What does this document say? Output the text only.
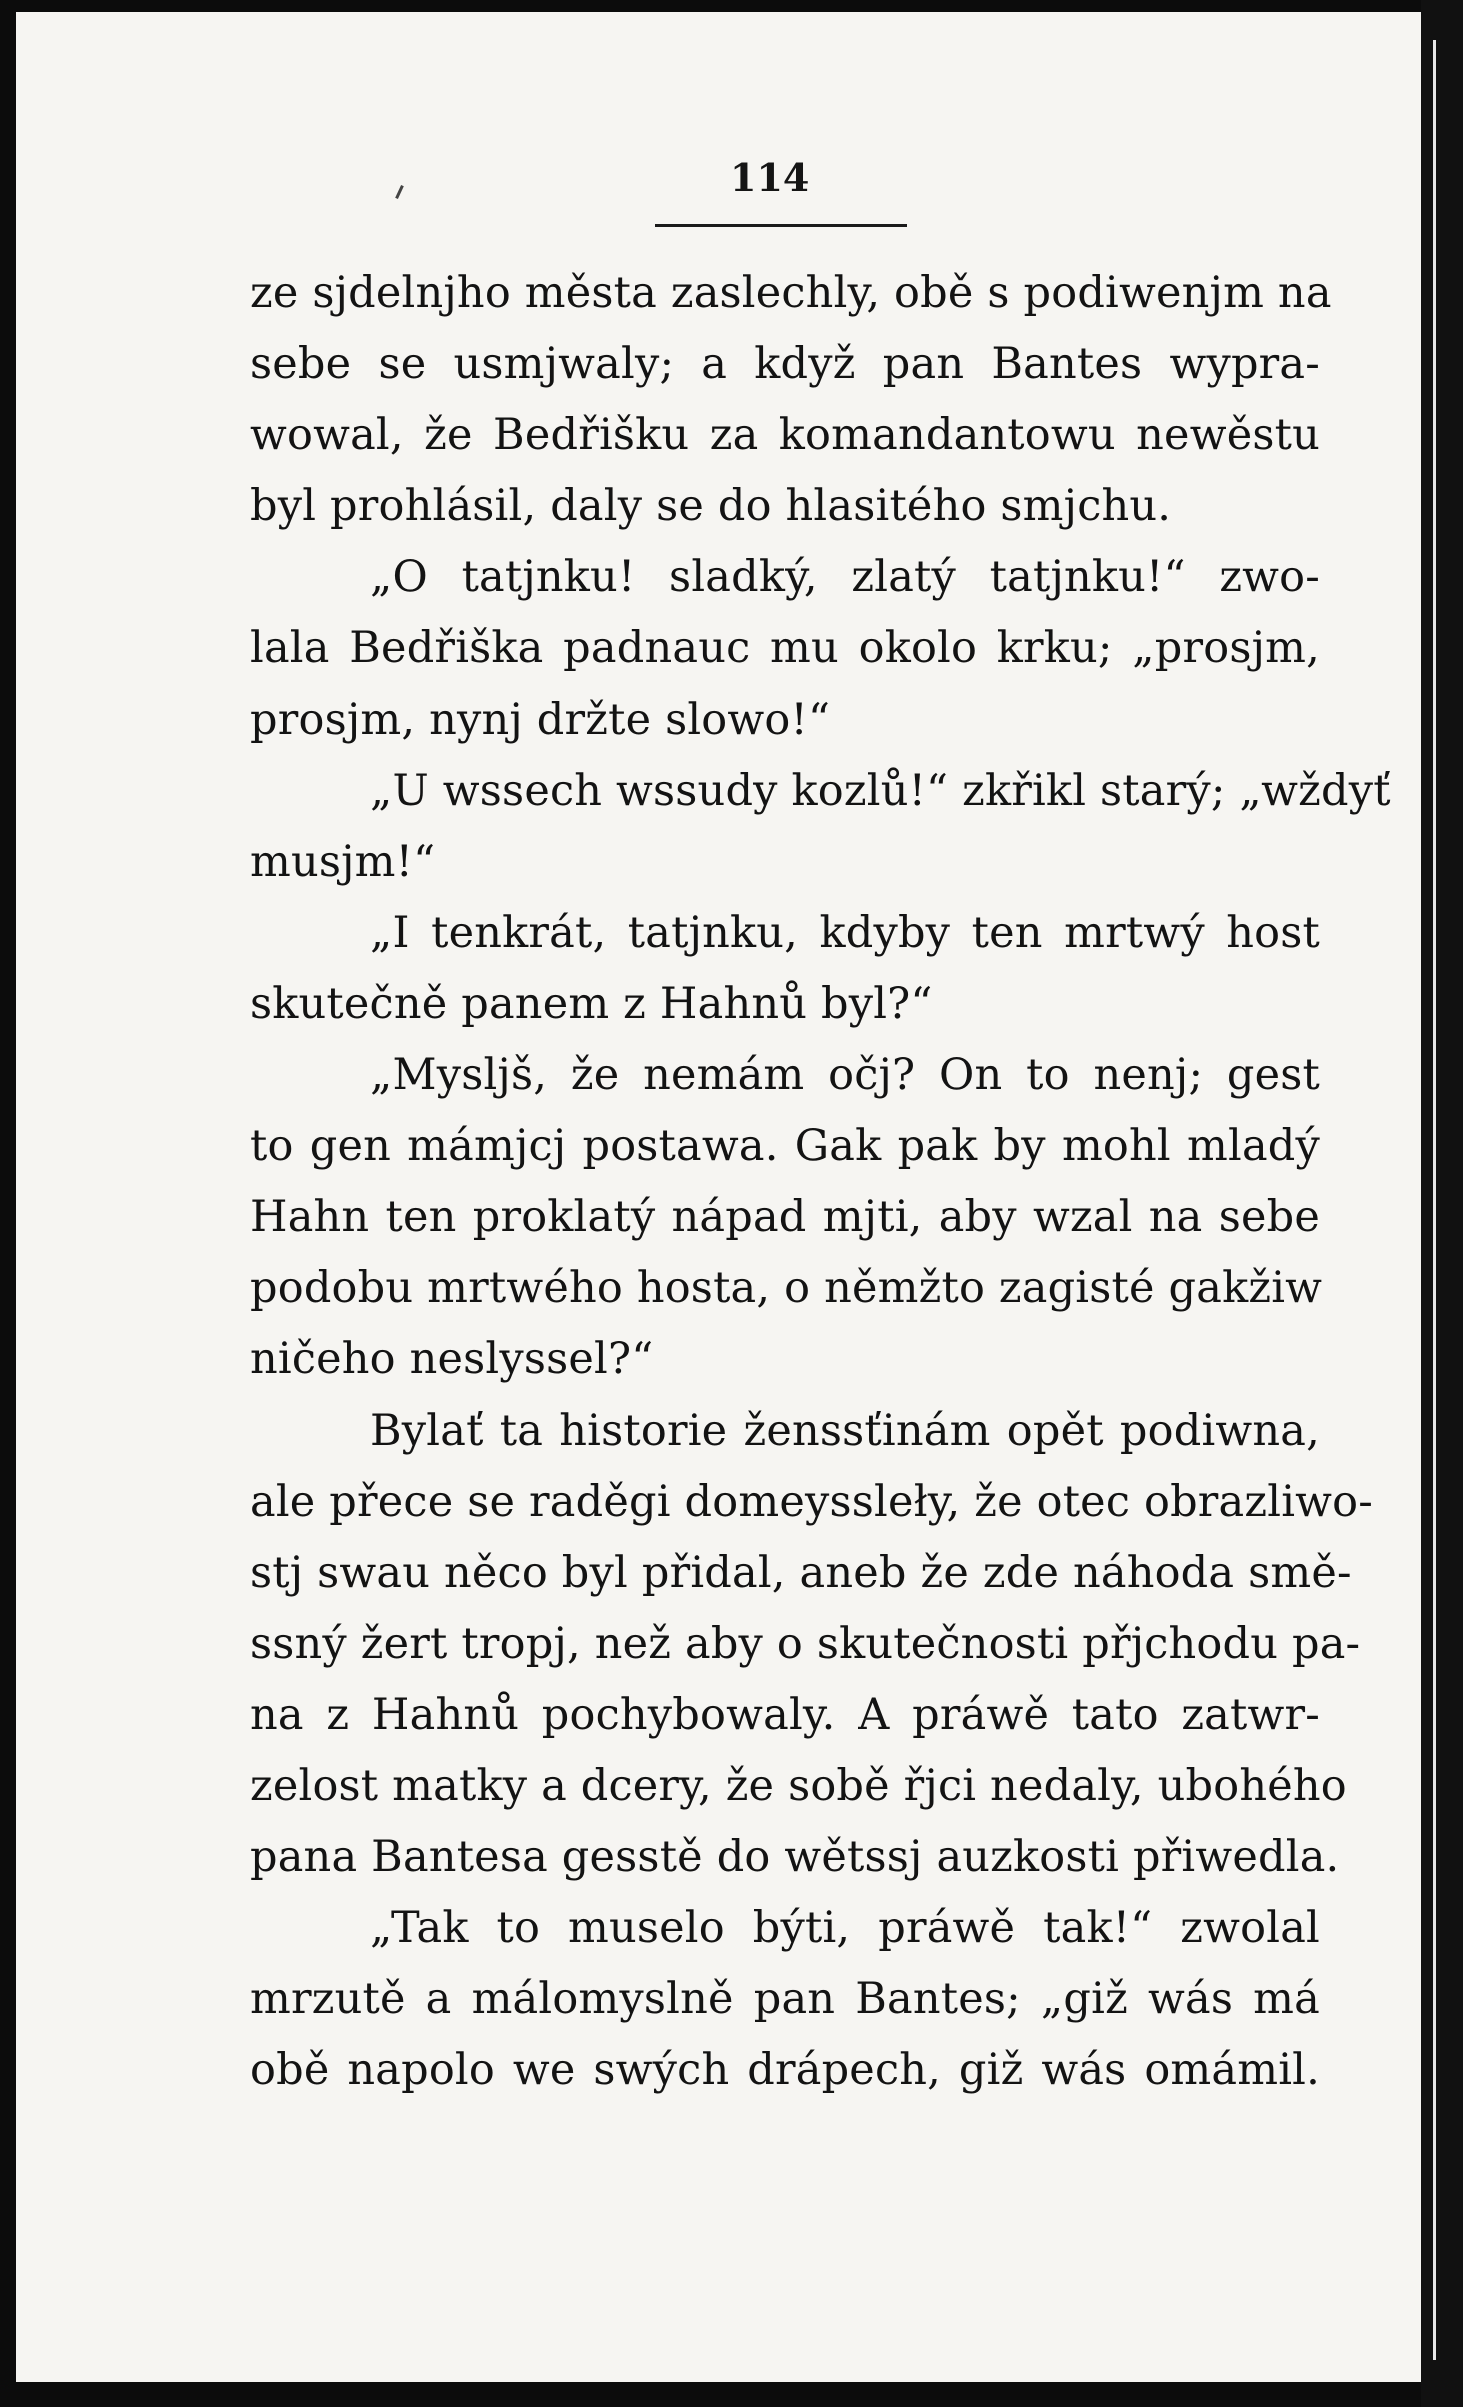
114
ze sjdelnjho města zaslechly, obě s podiwenjm na
sebe se usmjwaly; a když pan Bantes wypra-
wowal, že Bedřišku za komandantowu newěstu
byl prohlásil, daly se do hlasitého smjchu.
„O tatjnku! sladký, zlatý tatjnku!“ zwo-
lala Bedřiška padnauc mu okolo krku; „prosjm,
prosjm, nynj držte slowo!“
„U wssech wssudy kozlů!“ zkřikl starý; „wždyť
musjm!“
„I tenkrát, tatjnku, kdyby ten mrtwý host
skutečně panem z Hahnů byl?“
„Mysljš, že nemám očj? On to nenj; gest
to gen mámjcj postawa. Gak pak by mohl mladý
Hahn ten proklatý nápad mjti, aby wzal na sebe
podobu mrtwého hosta, o němžto zagisté gakžiw
ničeho neslyssel?“
Bylať ta historie ženssťinám opět podiwna,
ale přece se raděgi domeyssleły, že otec obrazliwo-
stj swau něco byl přidal, aneb že zde náhoda smě-
ssný žert tropj, než aby o skutečnosti přjchodu pa-
na z Hahnů pochybowaly. A práwě tato zatwr-
zelost matky a dcery, že sobě řjci nedaly, ubohého
pana Bantesa gesstě do wětssj auzkosti přiwedla.
„Tak to muselo býti, práwě tak!“ zwolal
mrzutě a málomyslně pan Bantes; „giž wás má
obě napolo we swých drápech, giž wás omámil.
